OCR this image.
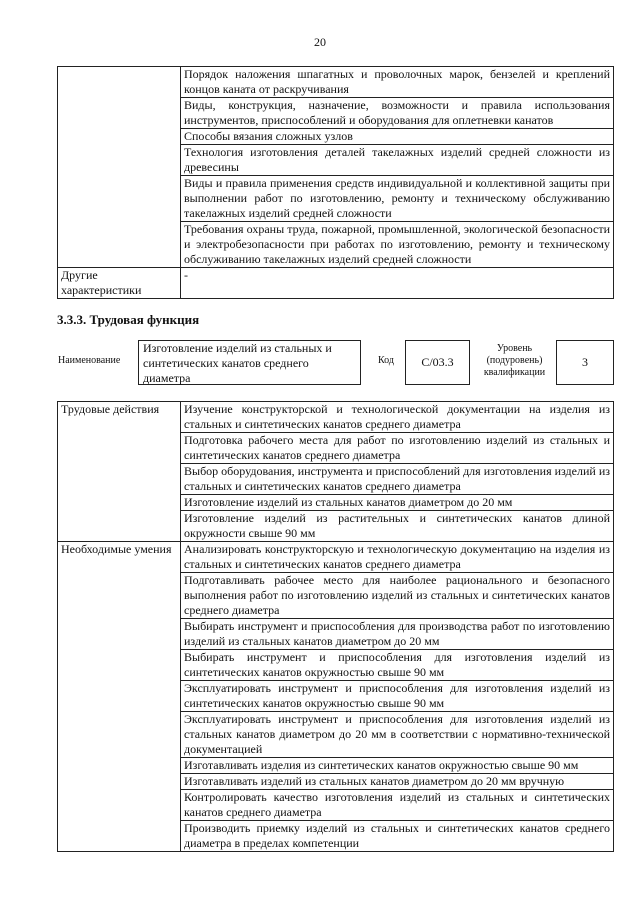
20
	Порядок наложения шпагатных и проволочных марок, бензелей и креплений концов каната от раскручивания
	Виды, конструкция, назначение, возможности и правила использования инструментов, приспособлений и оборудования для оплетневки канатов
	Способы вязания сложных узлов
	Технология изготовления деталей такелажных изделий средней сложности из древесины
	Виды и правила применения средств индивидуальной и коллективной защиты при выполнении работ по изготовлению, ремонту и техническому обслуживанию такелажных изделий средней сложности
	Требования охраны труда, пожарной, промышленной, экологической безопасности и электробезопасности при работах по изготовлению, ремонту и техническому обслуживанию такелажных изделий средней сложности
Другие характеристики	-
3.3.3. Трудовая функция
Наименование
Изготовление изделий из стальных и синтетических канатов среднего диаметра
Код	C/03.3
Уровень (подуровень) квалификации
3
Трудовые действия	Изучение конструкторской и технологической документации на изделия из стальных и синтетических канатов среднего диаметра
	Подготовка рабочего места для работ по изготовлению изделий из стальных и синтетических канатов среднего диаметра
	Выбор оборудования, инструмента и приспособлений для изготовления изделий из стальных и синтетических канатов среднего диаметра
	Изготовление изделий из стальных канатов диаметром до 20 мм
	Изготовление изделий из растительных и синтетических канатов длиной окружности свыше 90 мм
Необходимые умения	Анализировать конструкторскую и технологическую документацию на изделия из стальных и синтетических канатов среднего диаметра
	Подготавливать рабочее место для наиболее рационального и безопасного выполнения работ по изготовлению изделий из стальных и синтетических канатов среднего диаметра
	Выбирать инструмент и приспособления для производства работ по изготовлению изделий из стальных канатов диаметром до 20 мм
	Выбирать инструмент и приспособления для изготовления изделий из синтетических канатов окружностью свыше 90 мм
	Эксплуатировать инструмент и приспособления для изготовления изделий из синтетических канатов окружностью свыше 90 мм
	Эксплуатировать инструмент и приспособления для изготовления изделий из стальных канатов диаметром до 20 мм в соответствии с нормативно-технической документацией
	Изготавливать изделия из синтетических канатов окружностью свыше 90 мм
	Изготавливать изделий из стальных канатов диаметром до 20 мм вручную
	Контролировать качество изготовления изделий из стальных и синтетических канатов среднего диаметра
	Производить приемку изделий из стальных и синтетических канатов среднего диаметра в пределах компетенции
